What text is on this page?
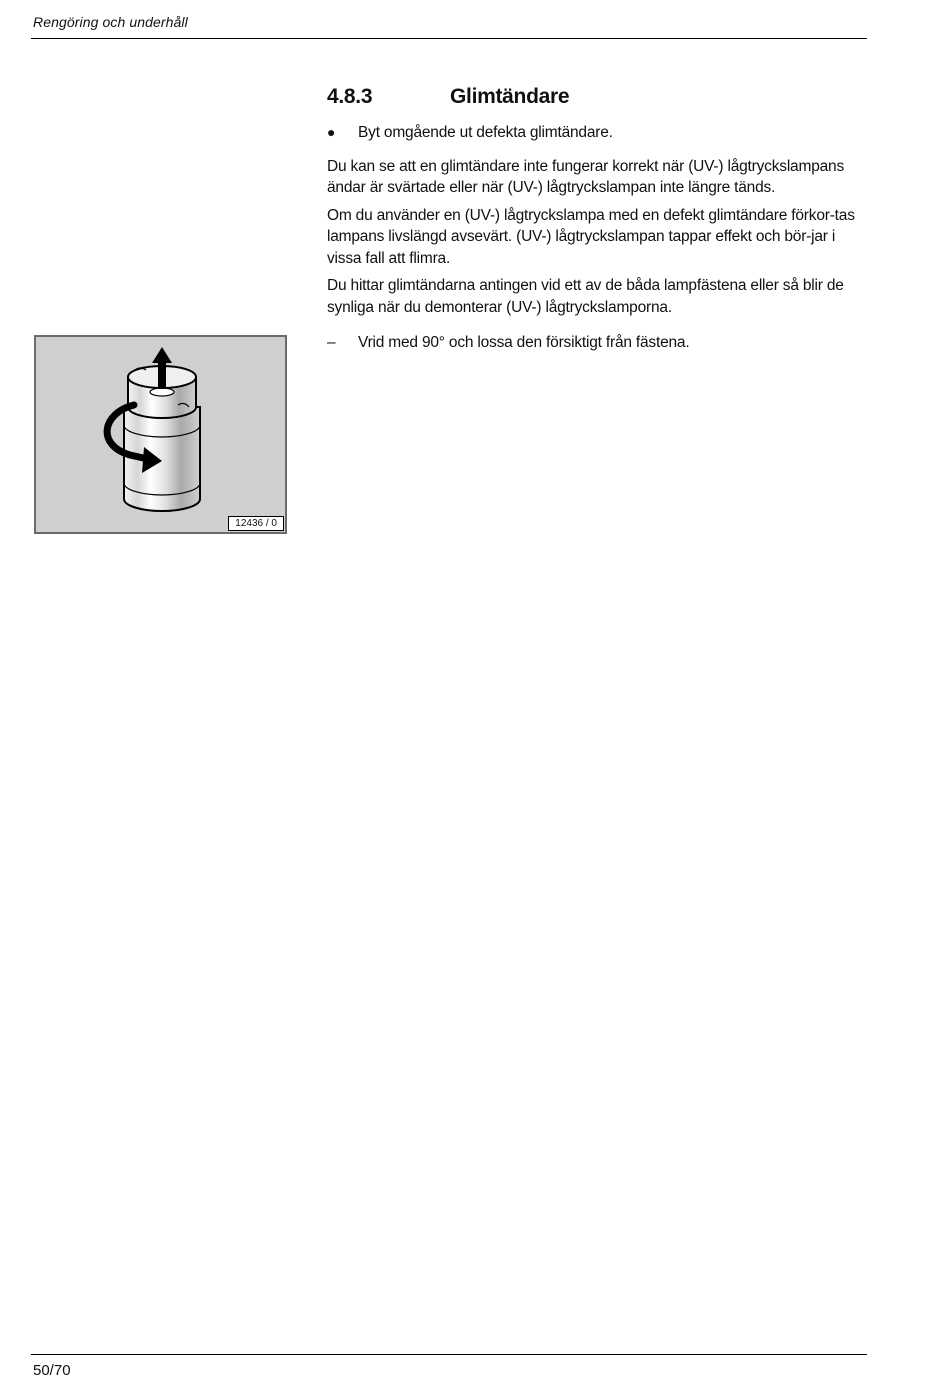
Rengöring och underhåll
4.8.3	Glimtändare
●	Byt omgående ut defekta glimtändare.

Du kan se att en glimtändare inte fungerar korrekt när (UV-) lågtryckslampans ändar är svärtade eller när (UV-) lågtryckslampan inte längre tänds.

Om du använder en (UV-) lågtryckslampa med en defekt glimtändare förkor-tas lampans livslängd avsevärt. (UV-) lågtryckslampan tappar effekt och bör-jar i vissa fall att flimra.

Du hittar glimtändarna antingen vid ett av de båda lampfästena eller så blir de synliga när du demonterar (UV-) lågtryckslamporna.

–	Vrid med 90° och lossa den försiktigt från fästena.
12436 / 0
50/70
